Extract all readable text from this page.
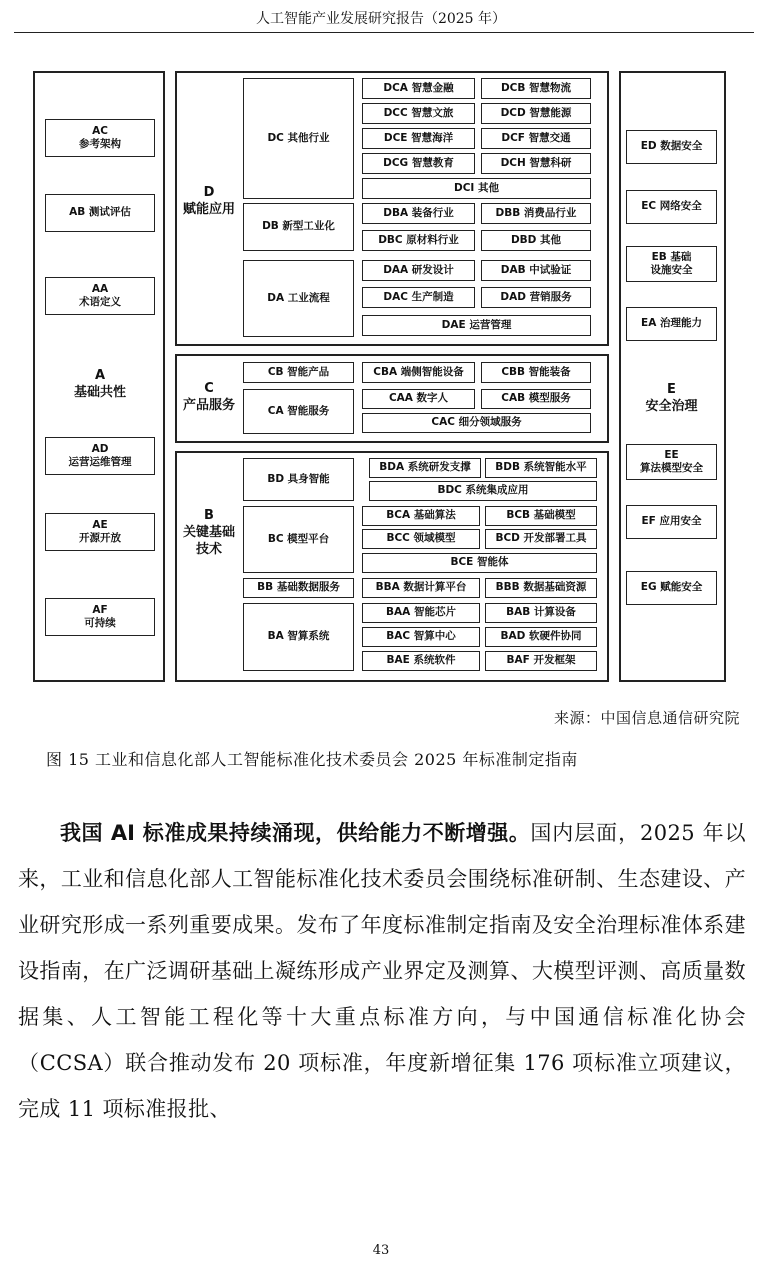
人工智能产业发展研究报告（2025 年）
AC
参考架构
AB 测试评估
AA
术语定义
A
基础共性
AD
运营运维管理
AE
开源开放
AF
可持续
D
赋能应用
DC 其他行业
DCA 智慧金融	DCB 智慧物流
DCC 智慧文旅	DCD 智慧能源
DCE 智慧海洋	DCF 智慧交通
DCG 智慧教育	DCH 智慧科研
DCI 其他
DB 新型工业化
DBA 装备行业	DBB 消费品行业
DBC 原材料行业	DBD 其他
DA 工业流程
DAA 研发设计	DAB 中试验证
DAC 生产制造	DAD 营销服务
DAE 运营管理
C
产品服务
CB 智能产品	CBA 端侧智能设备	CBB 智能装备
CA 智能服务
CAA 数字人	CAB 模型服务
CAC 细分领域服务
B
关键基础
技术
BD 具身智能
BDA 系统研发支撑	BDB 系统智能水平
BDC 系统集成应用
BC 模型平台
BCA 基础算法	BCB 基础模型
BCC 领域模型	BCD 开发部署工具
BCE 智能体
BB 基础数据服务	BBA 数据计算平台	BBB 数据基础资源
BA 智算系统
BAA 智能芯片	BAB 计算设备
BAC 智算中心	BAD 软硬件协同
BAE 系统软件	BAF 开发框架
ED 数据安全
EC 网络安全
EB 基础
设施安全
EA 治理能力
E
安全治理
EE
算法模型安全
EF 应用安全
EG 赋能安全
来源：中国信息通信研究院
图 15 工业和信息化部人工智能标准化技术委员会 2025 年标准制定指南

我国 AI 标准成果持续涌现，供给能力不断增强。国内层面，2025 年以来，工业和信息化部人工智能标准化技术委员会围绕标准研制、生态建设、产业研究形成一系列重要成果。发布了年度标准制定指南及安全治理标准体系建设指南，在广泛调研基础上凝练形成产业界定及测算、大模型评测、高质量数据集、人工智能工程化等十大重点标准方向，与中国通信标准化协会（CCSA）联合推动发布 20 项标准，年度新增征集 176 项标准立项建议，完成 11 项标准报批、

43
